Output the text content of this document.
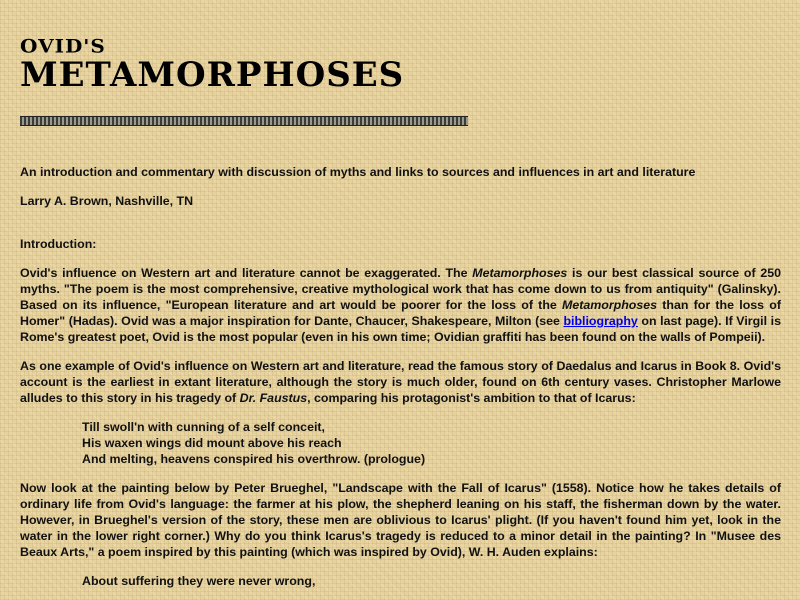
OVID'S
METAMORPHOSES

An introduction and commentary with discussion of myths and links to sources and influences in art and literature

Larry A. Brown, Nashville, TN

Introduction:

Ovid's influence on Western art and literature cannot be exaggerated. The Metamorphoses is our best classical source of 250 myths. "The poem is the most comprehensive, creative mythological work that has come down to us from antiquity" (Galinsky). Based on its influence, "European literature and art would be poorer for the loss of the Metamorphoses than for the loss of Homer" (Hadas). Ovid was a major inspiration for Dante, Chaucer, Shakespeare, Milton (see bibliography on last page). If Virgil is Rome's greatest poet, Ovid is the most popular (even in his own time; Ovidian graffiti has been found on the walls of Pompeii).

As one example of Ovid's influence on Western art and literature, read the famous story of Daedalus and Icarus in Book 8. Ovid's account is the earliest in extant literature, although the story is much older, found on 6th century vases. Christopher Marlowe alludes to this story in his tragedy of Dr. Faustus, comparing his protagonist's ambition to that of Icarus:

Till swoll'n with cunning of a self conceit,
His waxen wings did mount above his reach
And melting, heavens conspired his overthrow. (prologue)

Now look at the painting below by Peter Brueghel, "Landscape with the Fall of Icarus" (1558). Notice how he takes details of ordinary life from Ovid's language: the farmer at his plow, the shepherd leaning on his staff, the fisherman down by the water. However, in Brueghel's version of the story, these men are oblivious to Icarus' plight. (If you haven't found him yet, look in the water in the lower right corner.) Why do you think Icarus's tragedy is reduced to a minor detail in the painting? In "Musee des Beaux Arts," a poem inspired by this painting (which was inspired by Ovid), W. H. Auden explains:

About suffering they were never wrong,
